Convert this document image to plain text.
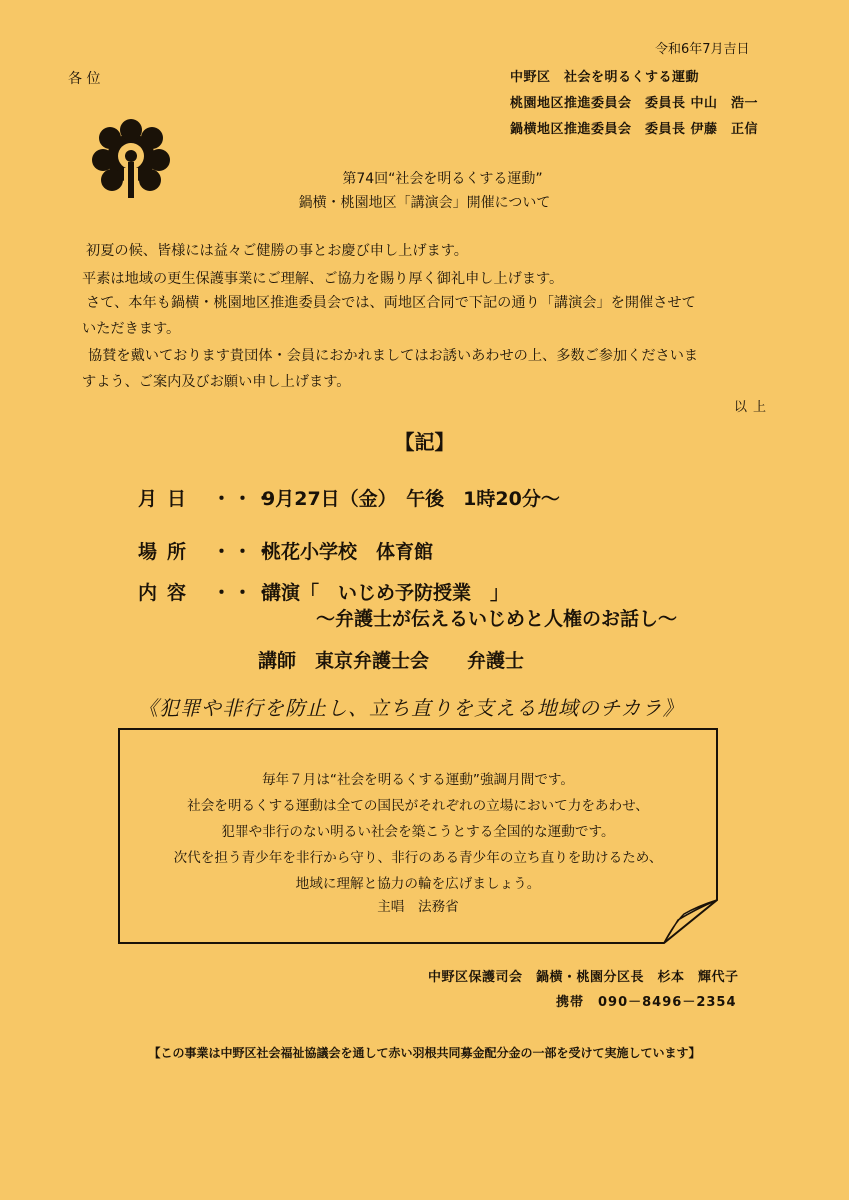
令和6年7月吉日
各 位	中野区　社会を明るくする運動
桃園地区推進委員会　委員長 中山　浩一
鍋横地区推進委員会　委員長 伊藤　正信
第74回“社会を明るくする運動”
鍋横・桃園地区「講演会」開催について
初夏の候、皆様には益々ご健勝の事とお慶び申し上げます。
平素は地域の更生保護事業にご理解、ご協力を賜り厚く御礼申し上げます。
さて、本年も鍋横・桃園地区推進委員会では、両地区合同で下記の通り「講演会」を開催させて
いただきます。
協賛を戴いております貴団体・会員におかれましてはお誘いあわせの上、多数ご参加くださいま
すよう、ご案内及びお願い申し上げます。
以上
【記】
月日 ・・・
9月27日（金）　午後　1時20分～
場所 ・・・
桃花小学校　体育館
内容 ・・・
講演「　いじめ予防授業　」
～弁護士が伝えるいじめと人権のお話し～
講師　東京弁護士会　　弁護士
《犯罪や非行を防止し、立ち直りを支える地域のチカラ》
毎年７月は“社会を明るくする運動”強調月間です。
社会を明るくする運動は全ての国民がそれぞれの立場において力をあわせ、
犯罪や非行のない明るい社会を築こうとする全国的な運動です。
次代を担う青少年を非行から守り、非行のある青少年の立ち直りを助けるため、
地域に理解と協力の輪を広げましょう。
主唱　法務省
中野区保護司会　鍋横・桃園分区長　杉本　輝代子
携帯　090－8496－2354
【この事業は中野区社会福祉協議会を通して赤い羽根共同募金配分金の一部を受けて実施しています】
